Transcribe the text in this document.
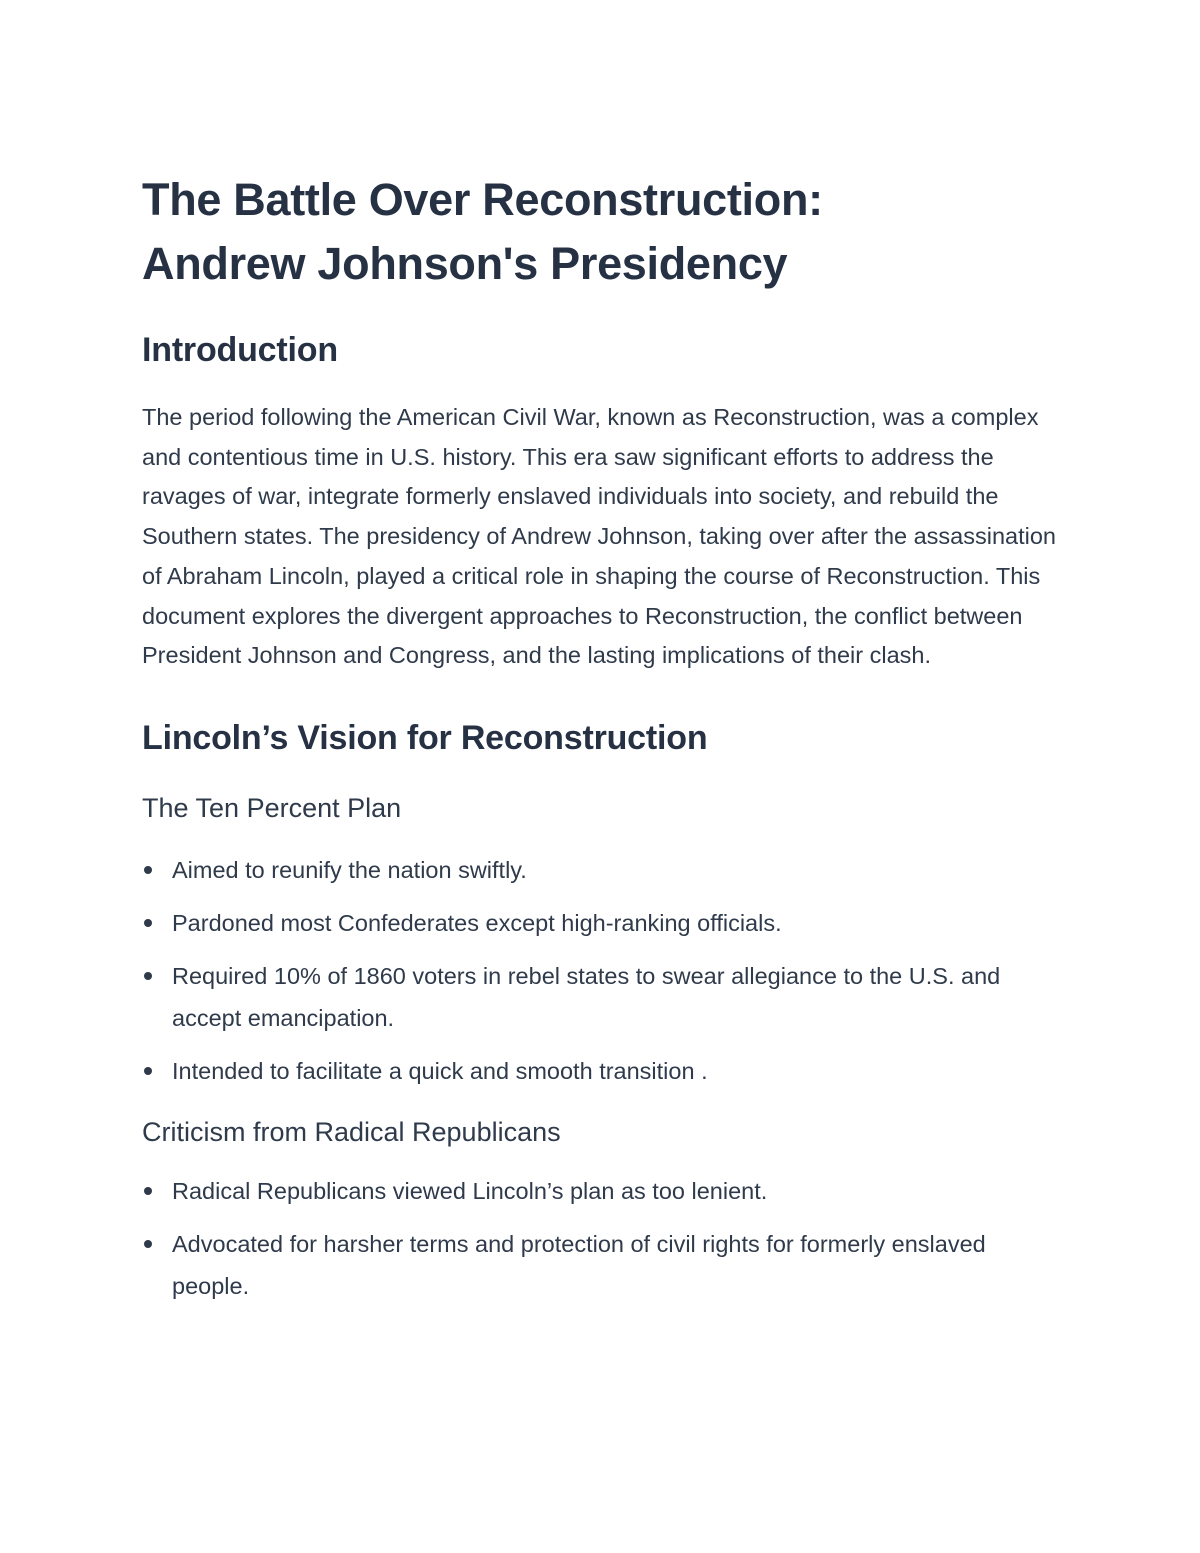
The Battle Over Reconstruction:
Andrew Johnson's Presidency
Introduction

The period following the American Civil War, known as Reconstruction, was a complex and contentious time in U.S. history. This era saw significant efforts to address the ravages of war, integrate formerly enslaved individuals into society, and rebuild the Southern states. The presidency of Andrew Johnson, taking over after the assassination of Abraham Lincoln, played a critical role in shaping the course of Reconstruction. This document explores the divergent approaches to Reconstruction, the conflict between President Johnson and Congress, and the lasting implications of their clash.

Lincoln’s Vision for Reconstruction
The Ten Percent Plan
Aimed to reunify the nation swiftly.
Pardoned most Confederates except high-ranking officials.
Required 10% of 1860 voters in rebel states to swear allegiance to the U.S. and accept emancipation.
Intended to facilitate a quick and smooth transition .
Criticism from Radical Republicans
Radical Republicans viewed Lincoln’s plan as too lenient.
Advocated for harsher terms and protection of civil rights for formerly enslaved people.
